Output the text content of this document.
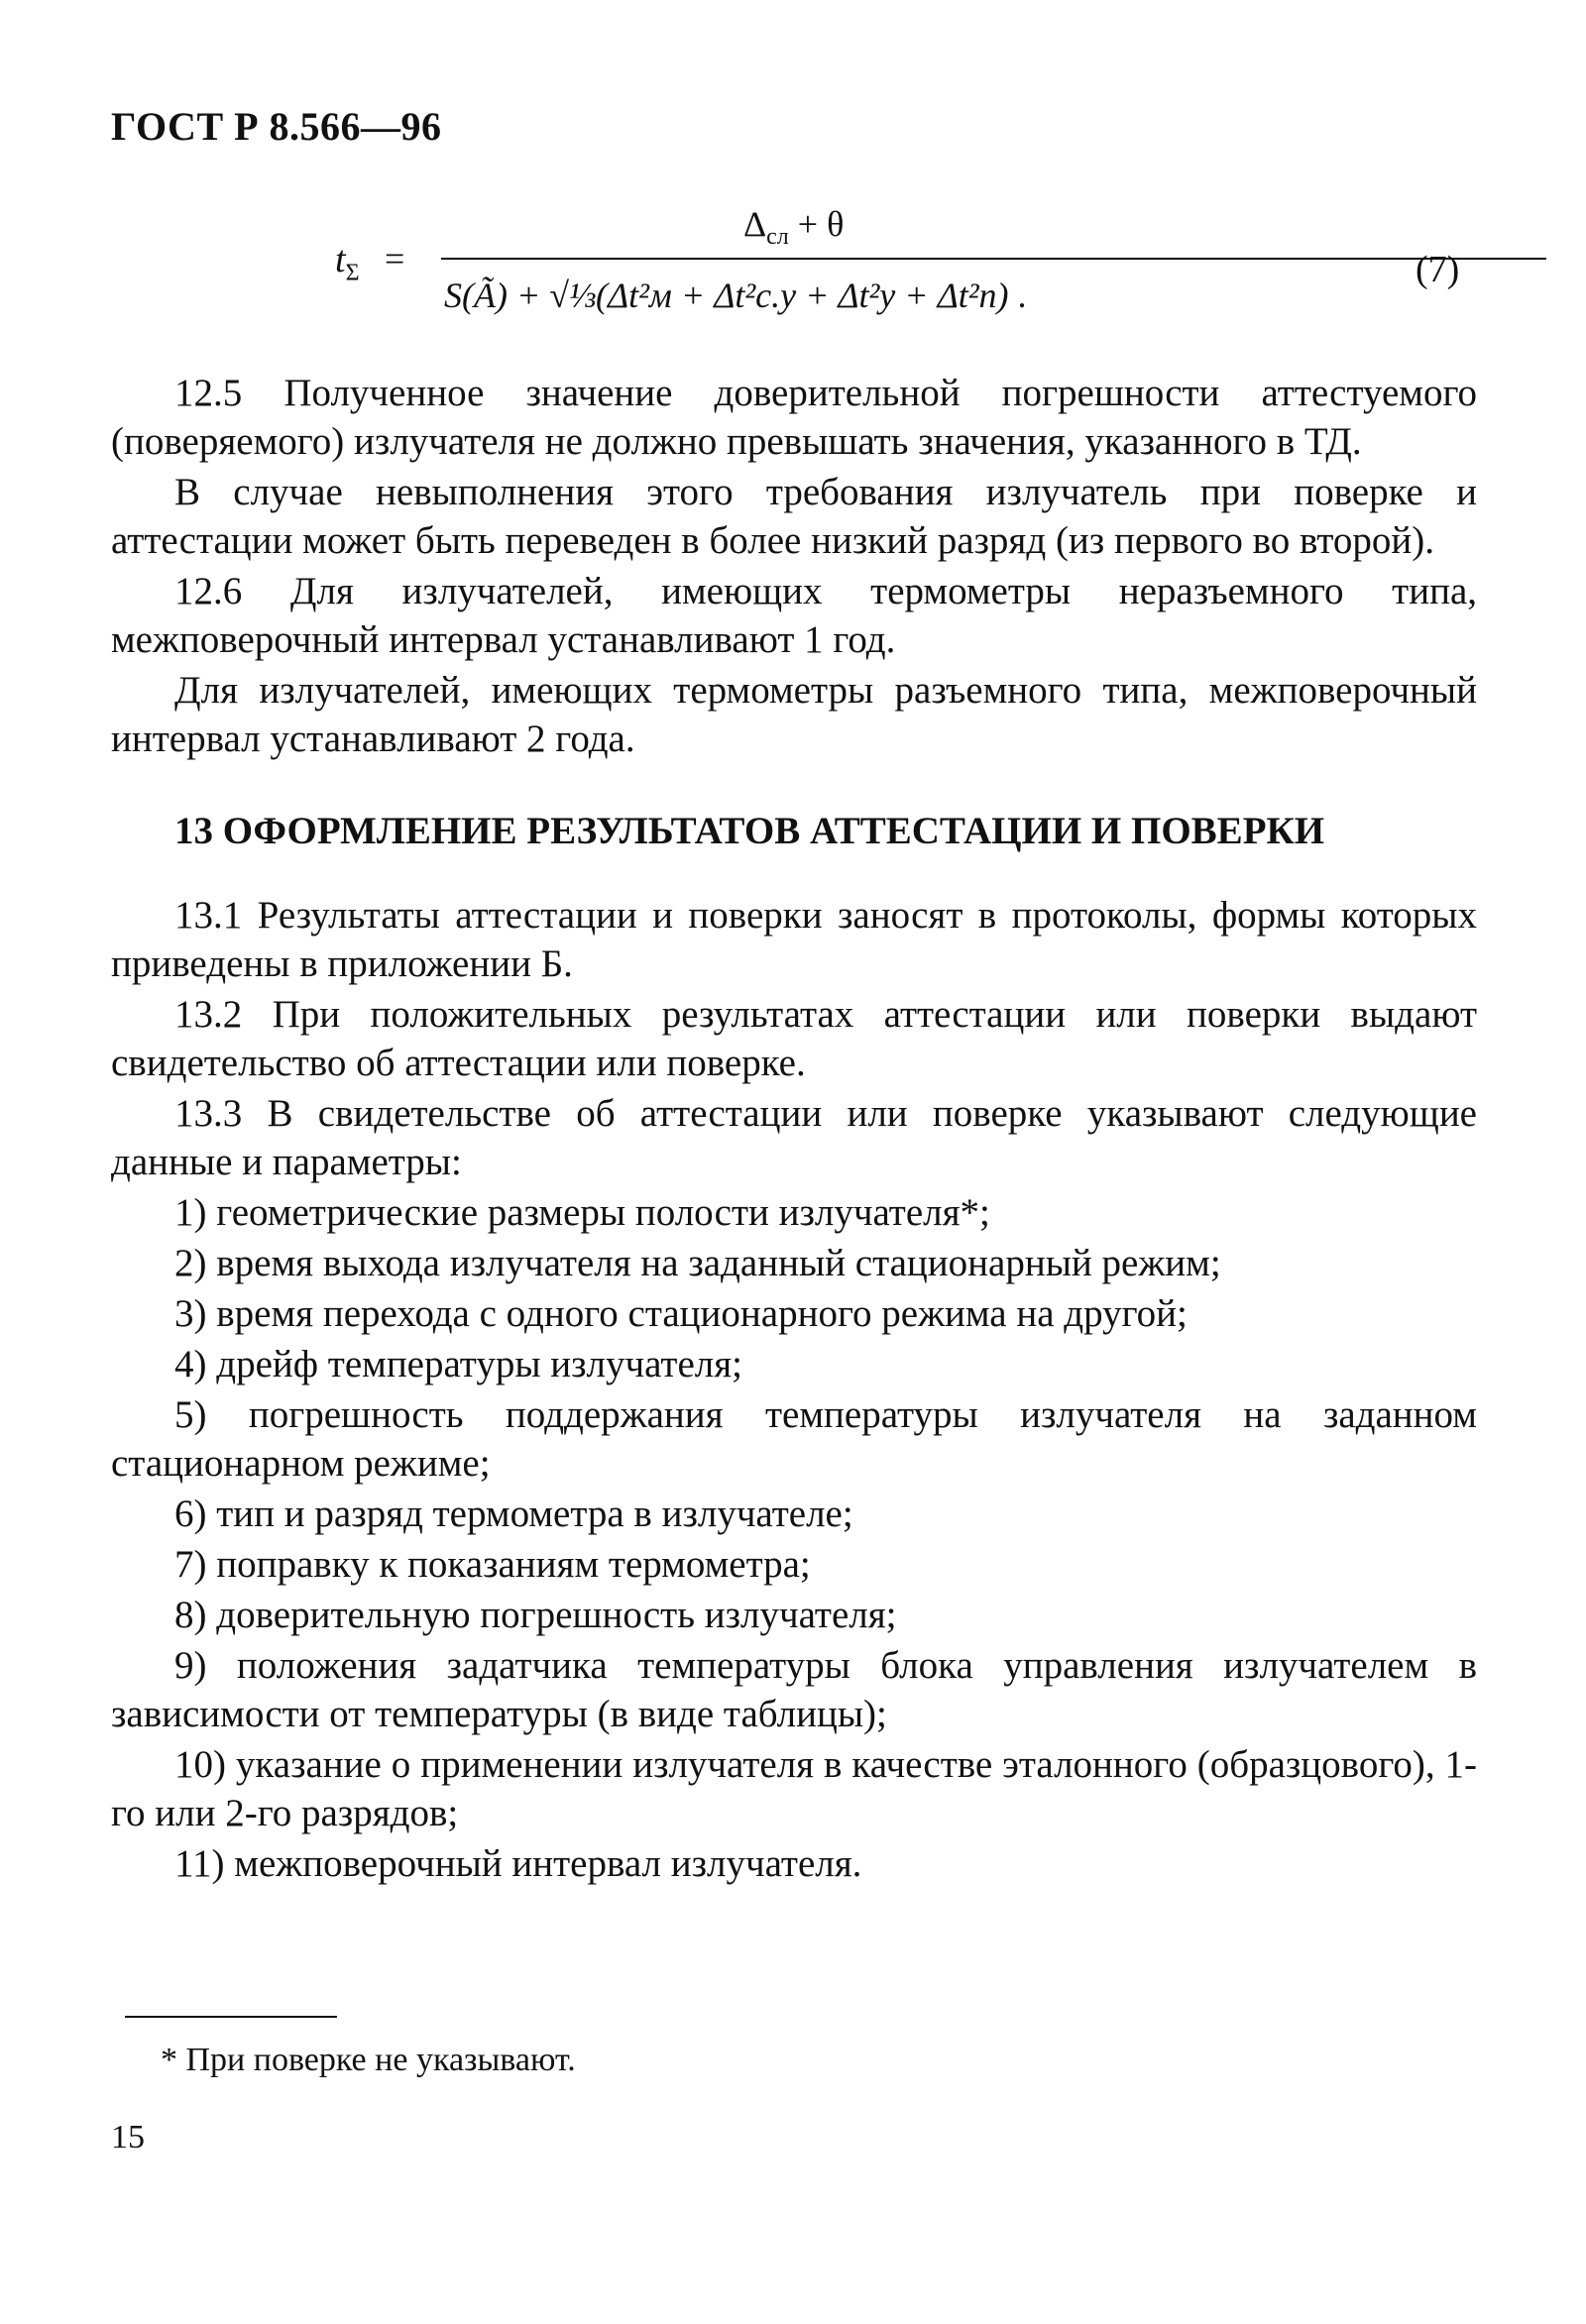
ГОСТ Р 8.566—96
$t_\Sigma$ =
$\Delta_{сл} + \theta$
S(Ã) + √⅓(Δt²м + Δt²с.у + Δt²у + Δt²п) .
(7)

12.5 Полученное значение доверительной погрешности аттестуемого (поверяемого) излучателя не должно превышать значения, указанного в ТД.

В случае невыполнения этого требования излучатель при поверке и аттестации может быть переведен в более низкий разряд (из первого во второй).

12.6 Для излучателей, имеющих термометры неразъемного типа, межповерочный интервал устанавливают 1 год.

Для излучателей, имеющих термометры разъемного типа, межповерочный интервал устанавливают 2 года.

13 ОФОРМЛЕНИЕ РЕЗУЛЬТАТОВ АТТЕСТАЦИИ И ПОВЕРКИ

13.1 Результаты аттестации и поверки заносят в протоколы, формы которых приведены в приложении Б.

13.2 При положительных результатах аттестации или поверки выдают свидетельство об аттестации или поверке.

13.3 В свидетельстве об аттестации или поверке указывают следующие данные и параметры:

1) геометрические размеры полости излучателя*;

2) время выхода излучателя на заданный стационарный режим;

3) время перехода с одного стационарного режима на другой;

4) дрейф температуры излучателя;

5) погрешность поддержания температуры излучателя на заданном стационарном режиме;

6) тип и разряд термометра в излучателе;

7) поправку к показаниям термометра;

8) доверительную погрешность излучателя;

9) положения задатчика температуры блока управления излучателем в зависимости от температуры (в виде таблицы);

10) указание о применении излучателя в качестве эталонного (образцового), 1-го или 2-го разрядов;

11) межповерочный интервал излучателя.

* При поверке не указывают.
15
